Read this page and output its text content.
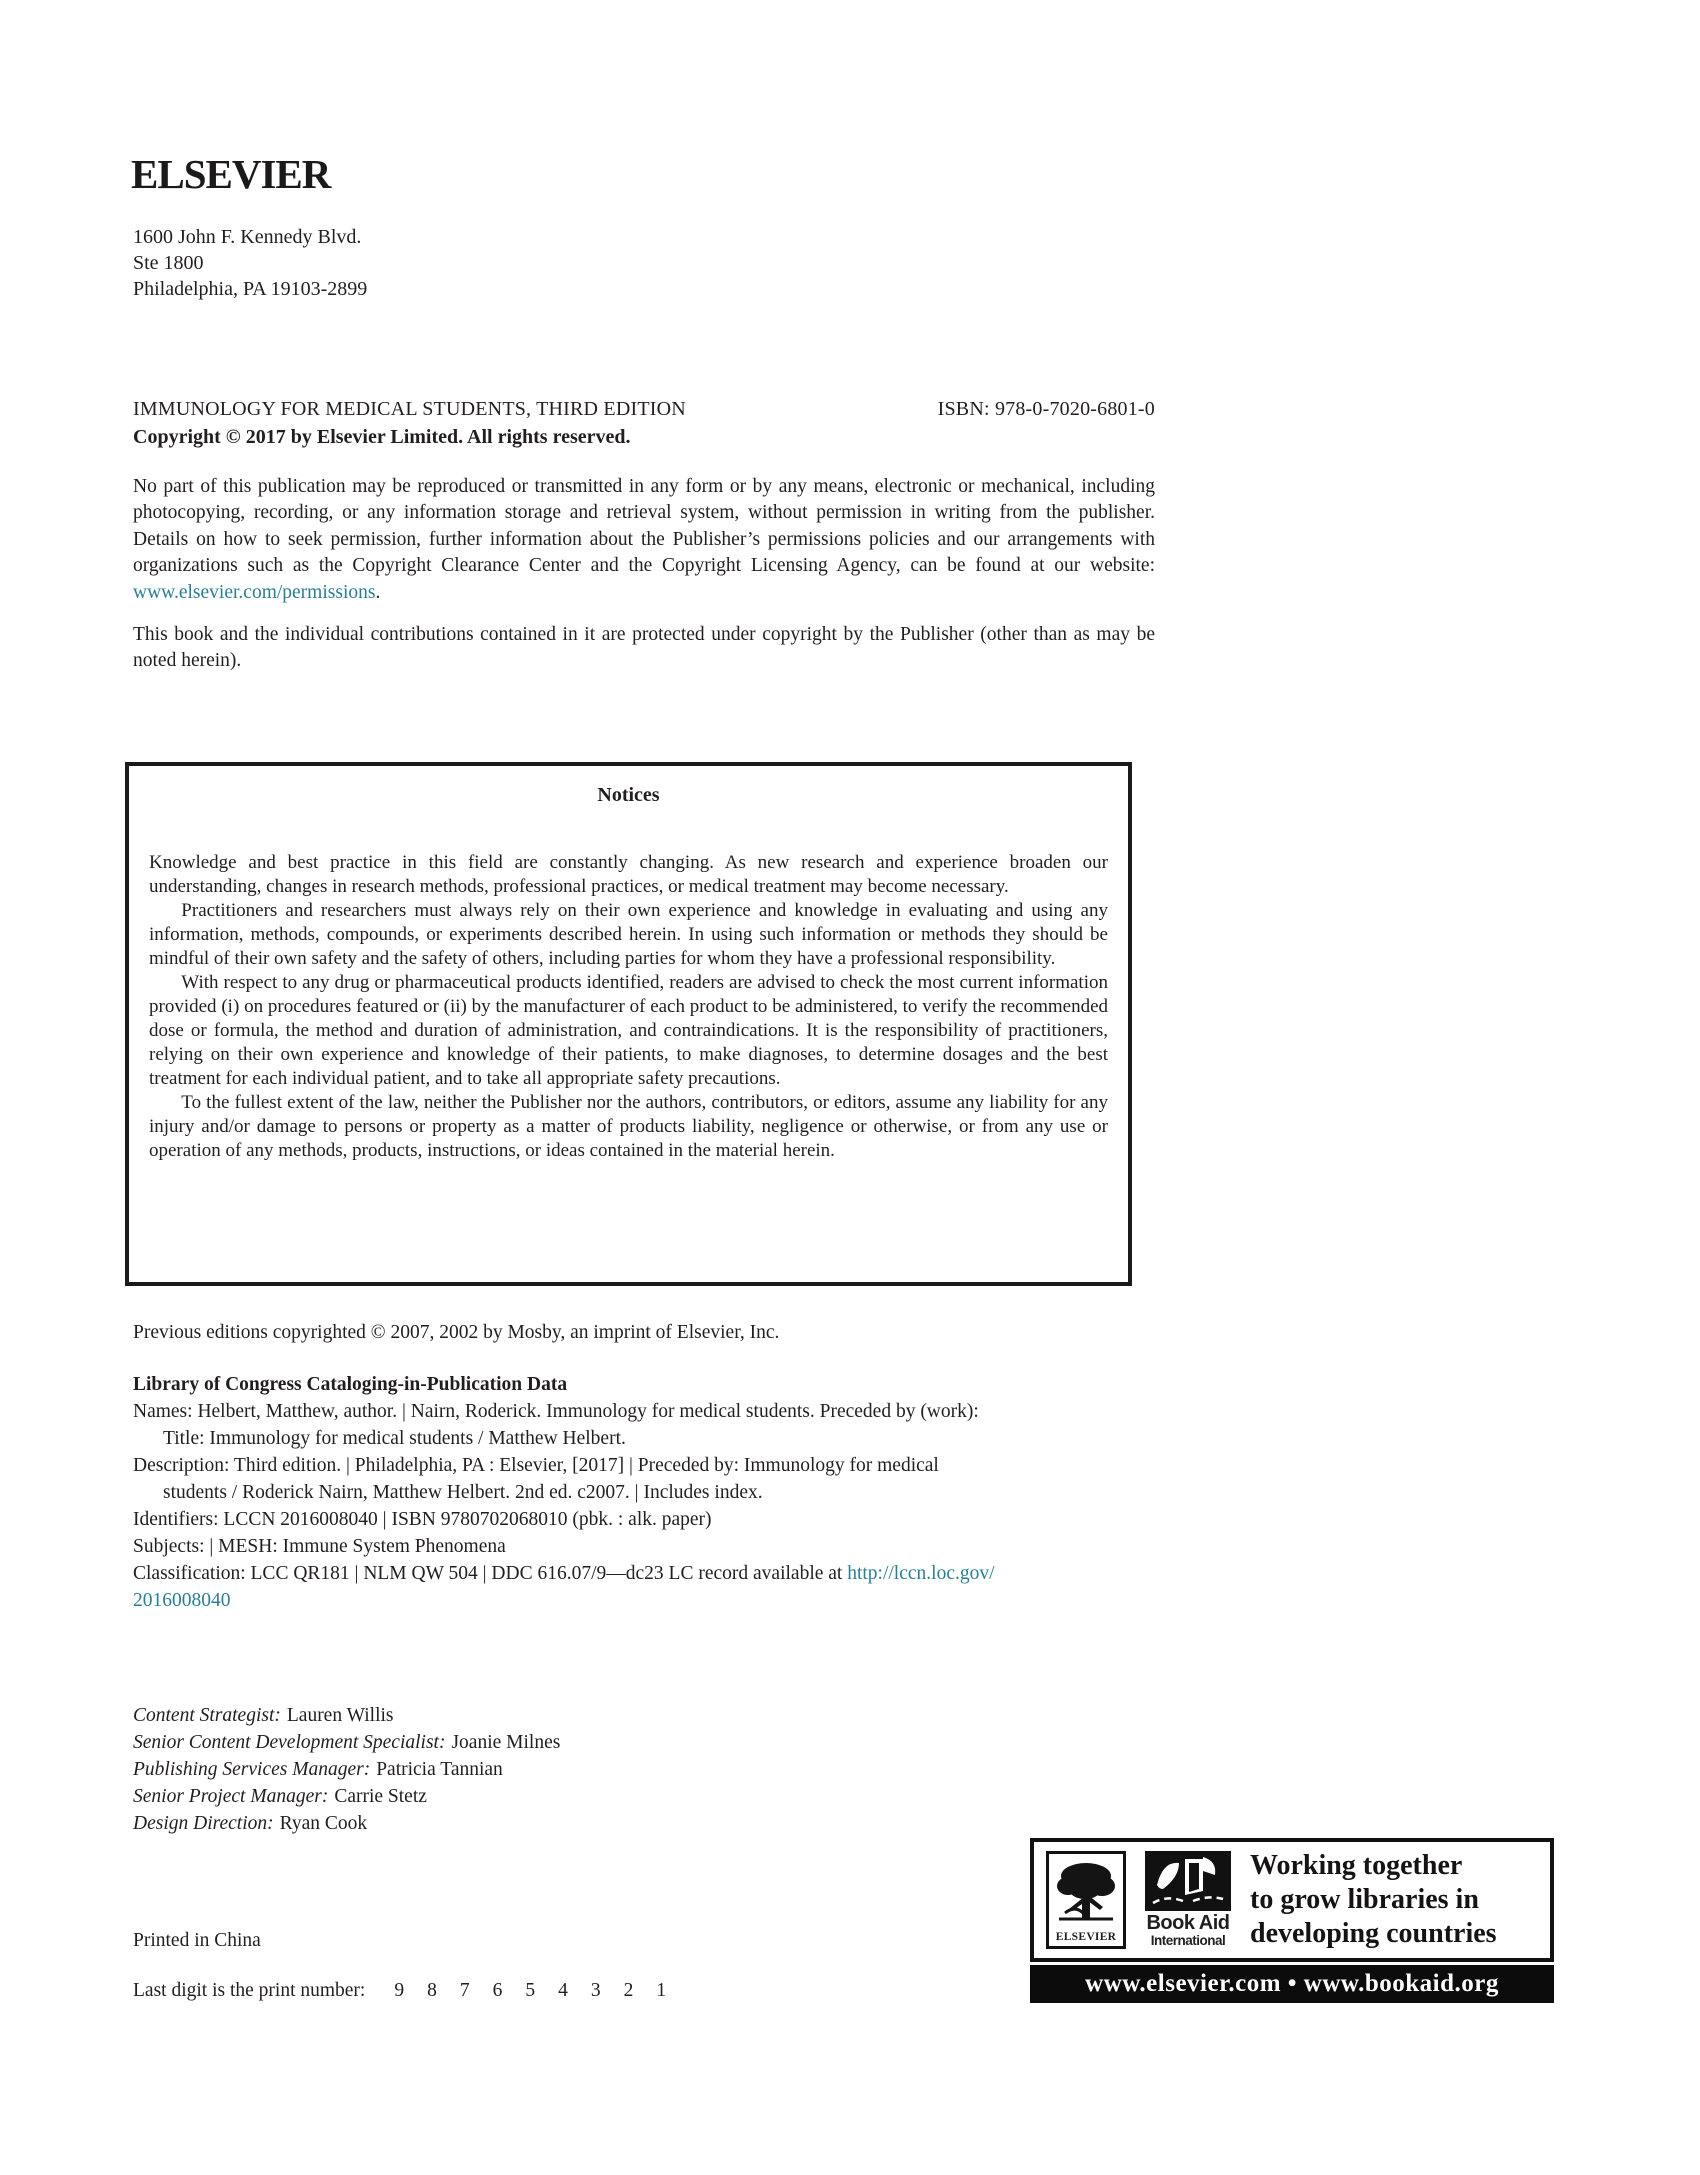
ELSEVIER
1600 John F. Kennedy Blvd.
Ste 1800
Philadelphia, PA 19103-2899
IMMUNOLOGY FOR MEDICAL STUDENTS, THIRD EDITION	ISBN: 978-0-7020-6801-0
Copyright © 2017 by Elsevier Limited. All rights reserved.

No part of this publication may be reproduced or transmitted in any form or by any means, electronic or mechanical, including photocopying, recording, or any information storage and retrieval system, without permission in writing from the publisher. Details on how to seek permission, further information about the Publisher’s permissions policies and our arrangements with organizations such as the Copyright Clearance Center and the Copyright Licensing Agency, can be found at our website: www.elsevier.com/permissions.

This book and the individual contributions contained in it are protected under copyright by the Publisher (other than as may be noted herein).

Notices

Knowledge and best practice in this field are constantly changing. As new research and experience broaden our understanding, changes in research methods, professional practices, or medical treatment may become necessary.

Practitioners and researchers must always rely on their own experience and knowledge in evaluating and using any information, methods, compounds, or experiments described herein. In using such information or methods they should be mindful of their own safety and the safety of others, including parties for whom they have a professional responsibility.

With respect to any drug or pharmaceutical products identified, readers are advised to check the most current information provided (i) on procedures featured or (ii) by the manufacturer of each product to be administered, to verify the recommended dose or formula, the method and duration of administration, and contraindications. It is the responsibility of practitioners, relying on their own experience and knowledge of their patients, to make diagnoses, to determine dosages and the best treatment for each individual patient, and to take all appropriate safety precautions.

To the fullest extent of the law, neither the Publisher nor the authors, contributors, or editors, assume any liability for any injury and/or damage to persons or property as a matter of products liability, negligence or otherwise, or from any use or operation of any methods, products, instructions, or ideas contained in the material herein.

Previous editions copyrighted © 2007, 2002 by Mosby, an imprint of Elsevier, Inc.
Library of Congress Cataloging-in-Publication Data
Names: Helbert, Matthew, author. | Nairn, Roderick. Immunology for medical students. Preceded by (work):
Title: Immunology for medical students / Matthew Helbert.
Description: Third edition. | Philadelphia, PA : Elsevier, [2017] | Preceded by: Immunology for medical
students / Roderick Nairn, Matthew Helbert. 2nd ed. c2007. | Includes index.
Identifiers: LCCN 2016008040 | ISBN 9780702068010 (pbk. : alk. paper)
Subjects: | MESH: Immune System Phenomena
Classification: LCC QR181 | NLM QW 504 | DDC 616.07/9—dc23 LC record available at http://lccn.loc.gov/
2016008040
Content Strategist: Lauren Willis
Senior Content Development Specialist: Joanie Milnes
Publishing Services Manager: Patricia Tannian
Senior Project Manager: Carrie Stetz
Design Direction: Ryan Cook
Printed in China
Last digit is the print number: 9 8 7 6 5 4 3 2 1
ELSEVIER
Book Aid
International
Working together
to grow libraries in
developing countries
www.elsevier.com • www.bookaid.org
